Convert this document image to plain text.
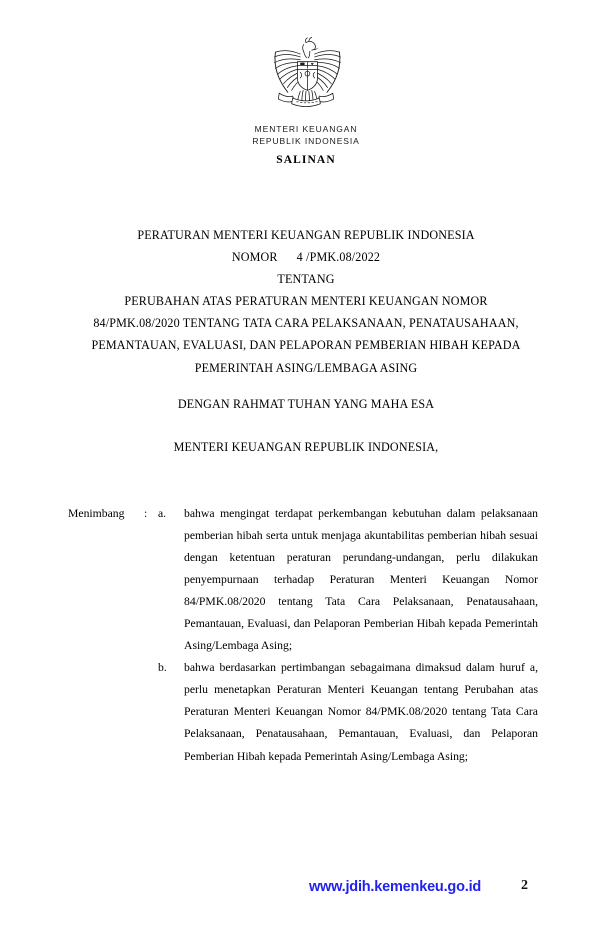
MENTERI KEUANGAN
REPUBLIK INDONESIA
SALINAN
PERATURAN MENTERI KEUANGAN REPUBLIK INDONESIA
NOMOR      4 /PMK.08/2022
TENTANG
PERUBAHAN ATAS PERATURAN MENTERI KEUANGAN NOMOR
84/PMK.08/2020 TENTANG TATA CARA PELAKSANAAN, PENATAUSAHAAN,
PEMANTAUAN, EVALUASI, DAN PELAPORAN PEMBERIAN HIBAH KEPADA
PEMERINTAH ASING/LEMBAGA ASING
DENGAN RAHMAT TUHAN YANG MAHA ESA
MENTERI KEUANGAN REPUBLIK INDONESIA,
Menimbang	: a.	bahwa mengingat terdapat perkembangan kebutuhan dalam pelaksanaan pemberian hibah serta untuk menjaga akuntabilitas pemberian hibah sesuai dengan ketentuan peraturan perundang-undangan, perlu dilakukan penyempurnaan terhadap Peraturan Menteri Keuangan Nomor 84/PMK.08/2020 tentang Tata Cara Pelaksanaan, Penatausahaan, Pemantauan, Evaluasi, dan Pelaporan Pemberian Hibah kepada Pemerintah Asing/Lembaga Asing;
b.	bahwa berdasarkan pertimbangan sebagaimana dimaksud dalam huruf a, perlu menetapkan Peraturan Menteri Keuangan tentang Perubahan atas Peraturan Menteri Keuangan Nomor 84/PMK.08/2020 tentang Tata Cara Pelaksanaan, Penatausahaan, Pemantauan, Evaluasi, dan Pelaporan Pemberian Hibah kepada Pemerintah Asing/Lembaga Asing;
www.jdih.kemenkeu.go.id	2
